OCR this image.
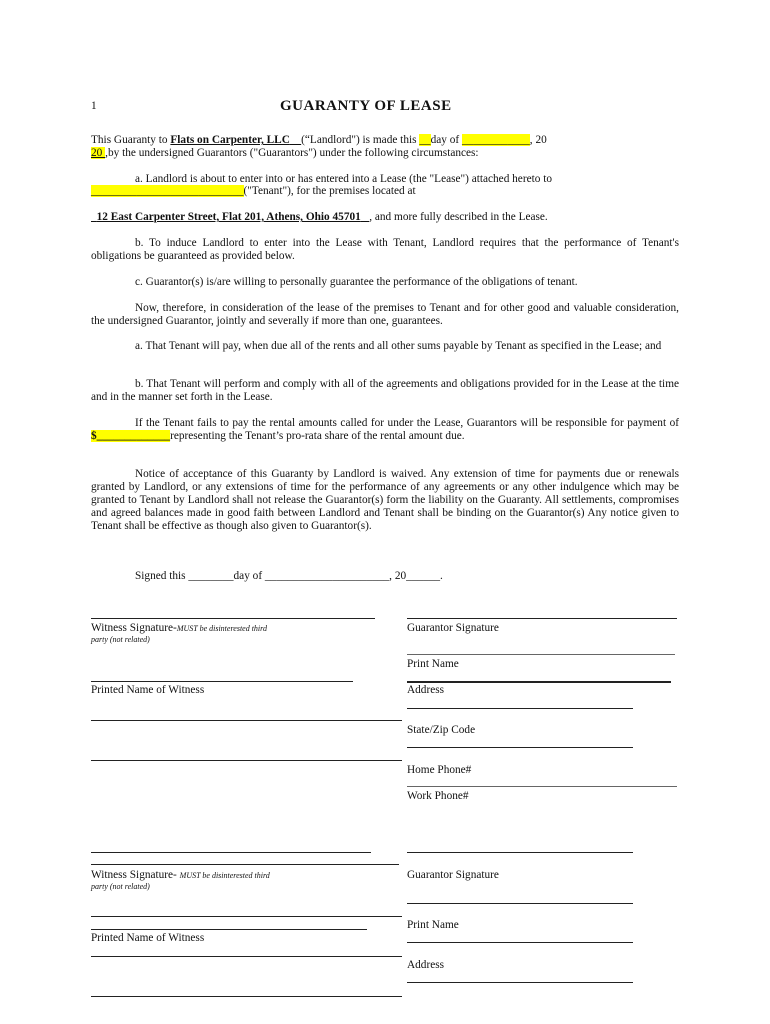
1	GUARANTY OF LEASE
This Guaranty to Flats on Carpenter, LLC (“Landlord") is made this __day of ____________, 20
20 ,by the undersigned Guarantors ("Guarantors") under the following circumstances:
a. Landlord is about to enter into or has entered into a Lease (the "Lease") attached hereto to
___________________________("Tenant"), for the premises located at
12 East Carpenter Street, Flat 201, Athens, Ohio 45701 , and more fully described in the Lease.
b. To induce Landlord to enter into the Lease with Tenant, Landlord requires that the performance of Tenant's obligations be guaranteed as provided below.
c. Guarantor(s) is/are willing to personally guarantee the performance of the obligations of tenant.
Now, therefore, in consideration of the lease of the premises to Tenant and for other good and valuable consideration, the undersigned Guarantor, jointly and severally if more than one, guarantees.
a. That Tenant will pay, when due all of the rents and all other sums payable by Tenant as specified in the Lease; and
b. That Tenant will perform and comply with all of the agreements and obligations provided for in the Lease at the time and in the manner set forth in the Lease.
If the Tenant fails to pay the rental amounts called for under the Lease, Guarantors will be responsible for payment of $_____________representing the Tenant’s pro-rata share of the rental amount due.
Notice of acceptance of this Guaranty by Landlord is waived. Any extension of time for payments due or renewals granted by Landlord, or any extensions of time for the performance of any agreements or any other indulgence which may be granted to Tenant by Landlord shall not release the Guarantor(s) form the liability on the Guaranty. All settlements, compromises and agreed balances made in good faith between Landlord and Tenant shall be binding on the Guarantor(s) Any notice given to Tenant shall be effective as though also given to Guarantor(s).
Signed this ________day of ______________________, 20______.
Witness Signature-MUST be disinterested third
party (not related)
Printed Name of Witness
Witness Signature- MUST be disinterested third
party (not related)
Printed Name of Witness
Guarantor Signature
Print Name
Address
State/Zip Code
Home Phone#
Work Phone#
Guarantor Signature
Print Name
Address
